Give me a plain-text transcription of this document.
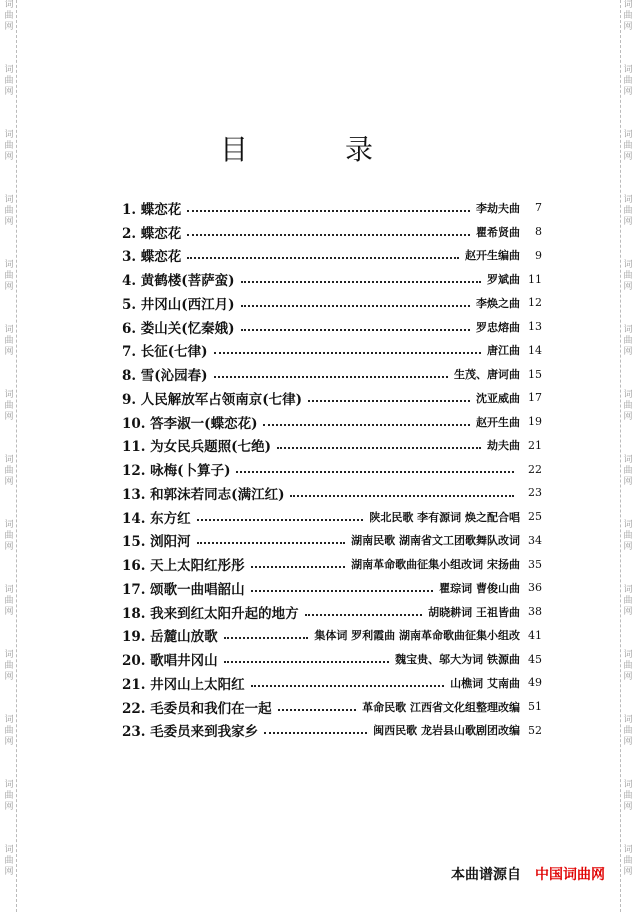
词
曲
网
词
曲
网
词
曲
网
词
曲
网
词
曲
网
词
曲
网
词
曲
网
词
曲
网
词
曲
网
词
曲
网
词
曲
网
词
曲
网
词
曲
网
词
曲
网
词
曲
网
词
曲
网
词
曲
网
词
曲
网
词
曲
网
词
曲
网
词
曲
网
词
曲
网
词
曲
网
词
曲
网
词
曲
网
词
曲
网
词
曲
网
词
曲
网
目 录
1. 蝶恋花	李劫夫曲	7
2. 蝶恋花	瞿希贤曲	8
3. 蝶恋花	赵开生编曲	9
4. 黄鹤楼(菩萨蛮)	罗斌曲 11
5. 井冈山(西江月)	李焕之曲 12
6. 娄山关(忆秦娥)	罗忠熔曲 13
7. 长征(七律)	唐江曲 14
8. 雪(沁园春)	生茂、唐诃曲 15
9. 人民解放军占领南京(七律)	沈亚威曲 17
10. 答李淑一(蝶恋花)	赵开生曲 19
11. 为女民兵题照(七绝)	劫夫曲 21
12. 咏梅(卜算子)	22
13. 和郭沫若同志(满江红)	23
14. 东方红	陕北民歌 李有源词 焕之配合唱 25
15. 浏阳河	湖南民歌 湖南省文工团歌舞队改词 34
16. 天上太阳红彤彤	湖南革命歌曲征集小组改词 宋扬曲 35
17. 颂歌一曲唱韶山	瞿琮词 曹俊山曲 36
18. 我来到红太阳升起的地方	胡晓耕词 王祖皆曲 38
19. 岳麓山放歌	集体词 罗利霞曲 湖南革命歌曲征集小组改 41
20. 歌唱井冈山	魏宝贵、邬大为词 铁源曲 45
21. 井冈山上太阳红	山樵词 艾南曲 49
22. 毛委员和我们在一起	革命民歌 江西省文化组整理改编 51
23. 毛委员来到我家乡	闽西民歌 龙岩县山歌剧团改编 52
本曲谱源自 中国词曲网
